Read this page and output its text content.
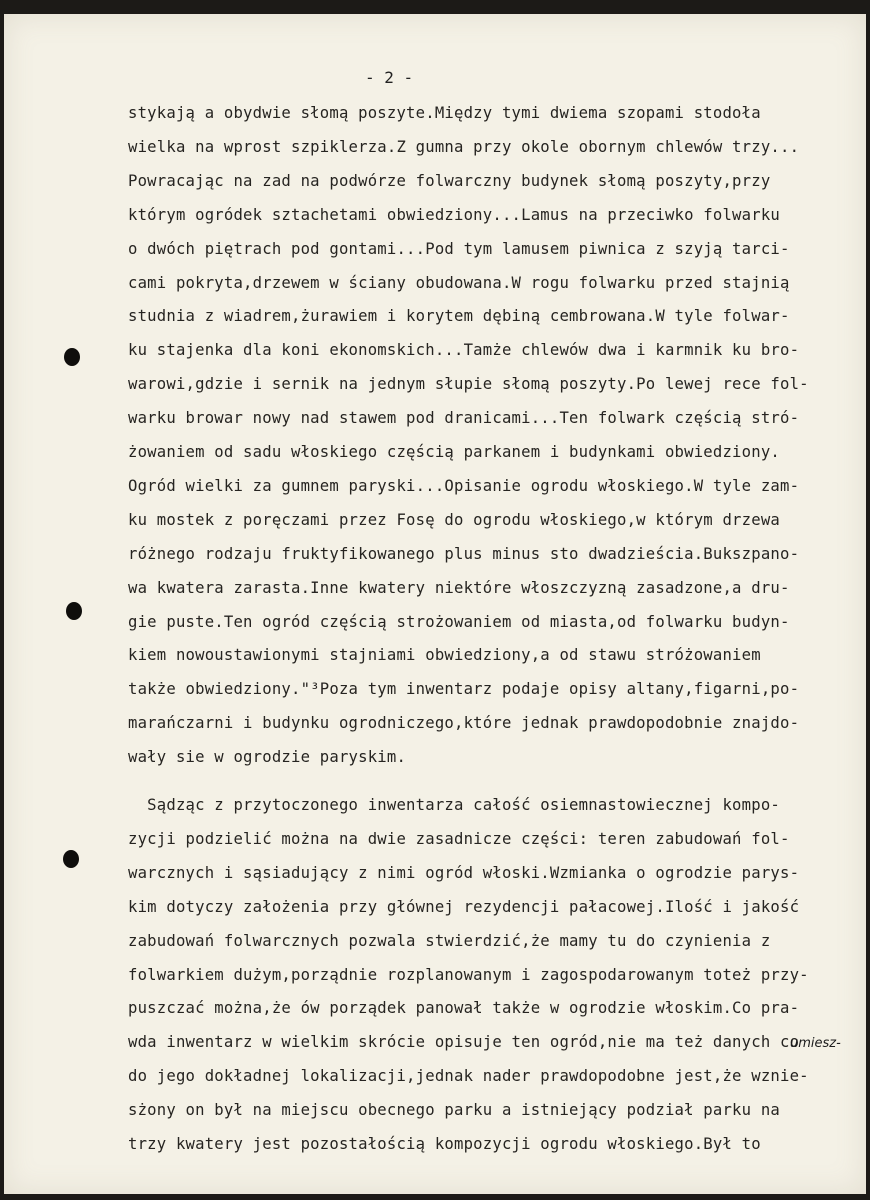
- 2 -
stykają a obydwie słomą poszyte.Między tymi dwiema szopami stodoła
wielka na wprost szpiklerza.Z gumna przy okole obornym chlewów trzy...
Powracając na zad na podwórze folwarczny budynek słomą poszyty,przy
którym ogródek sztachetami obwiedziony...Lamus na przeciwko folwarku
o dwóch piętrach pod gontami...Pod tym lamusem piwnica z szyją tarci-
cami pokryta,drzewem w ściany obudowana.W rogu folwarku przed stajnią
studnia z wiadrem,żurawiem i korytem dębiną cembrowana.W tyle folwar-
ku stajenka dla koni ekonomskich...Tamże chlewów dwa i karmnik ku bro-
warowi,gdzie i sernik na jednym słupie słomą poszyty.Po lewej rece fol-
warku browar nowy nad stawem pod dranicami...Ten folwark częścią stró-
żowaniem od sadu włoskiego częścią parkanem i budynkami obwiedziony.
Ogród wielki za gumnem paryski...Opisanie ogrodu włoskiego.W tyle zam-
ku mostek z poręczami przez Fosę do ogrodu włoskiego,w którym drzewa
różnego rodzaju fruktyfikowanego plus minus sto dwadzieścia.Bukszpano-
wa kwatera zarasta.Inne kwatery niektóre włoszczyzną zasadzone,a dru-
gie puste.Ten ogród częścią strożowaniem od miasta,od folwarku budyn-
kiem nowoustawionymi stajniami obwiedziony,a od stawu stróżowaniem
także obwiedziony."³Poza tym inwentarz podaje opisy altany,figarni,po-
marańczarni i budynku ogrodniczego,które jednak prawdopodobnie znajdo-
wały sie w ogrodzie paryskim.
Sądząc z przytoczonego inwentarza całość osiemnastowiecznej kompo-
zycji podzielić można na dwie zasadnicze części: teren zabudowań fol-
warcznych i sąsiadujący z nimi ogród włoski.Wzmianka o ogrodzie parys-
kim dotyczy założenia przy głównej rezydencji pałacowej.Ilość i jakość
zabudowań folwarcznych pozwala stwierdzić,że mamy tu do czynienia z
folwarkiem dużym,porządnie rozplanowanym i zagospodarowanym toteż przy-
puszczać można,że ów porządek panował także w ogrodzie włoskim.Co pra-
wda inwentarz w wielkim skrócie opisuje ten ogród,nie ma też danych co
do jego dokładnej lokalizacji,jednak nader prawdopodobne jest,że wznie-
sżony on był na miejscu obecnego parku a istniejący podział parku na
trzy kwatery jest pozostałością kompozycji ogrodu włoskiego.Był to
umiesz-
